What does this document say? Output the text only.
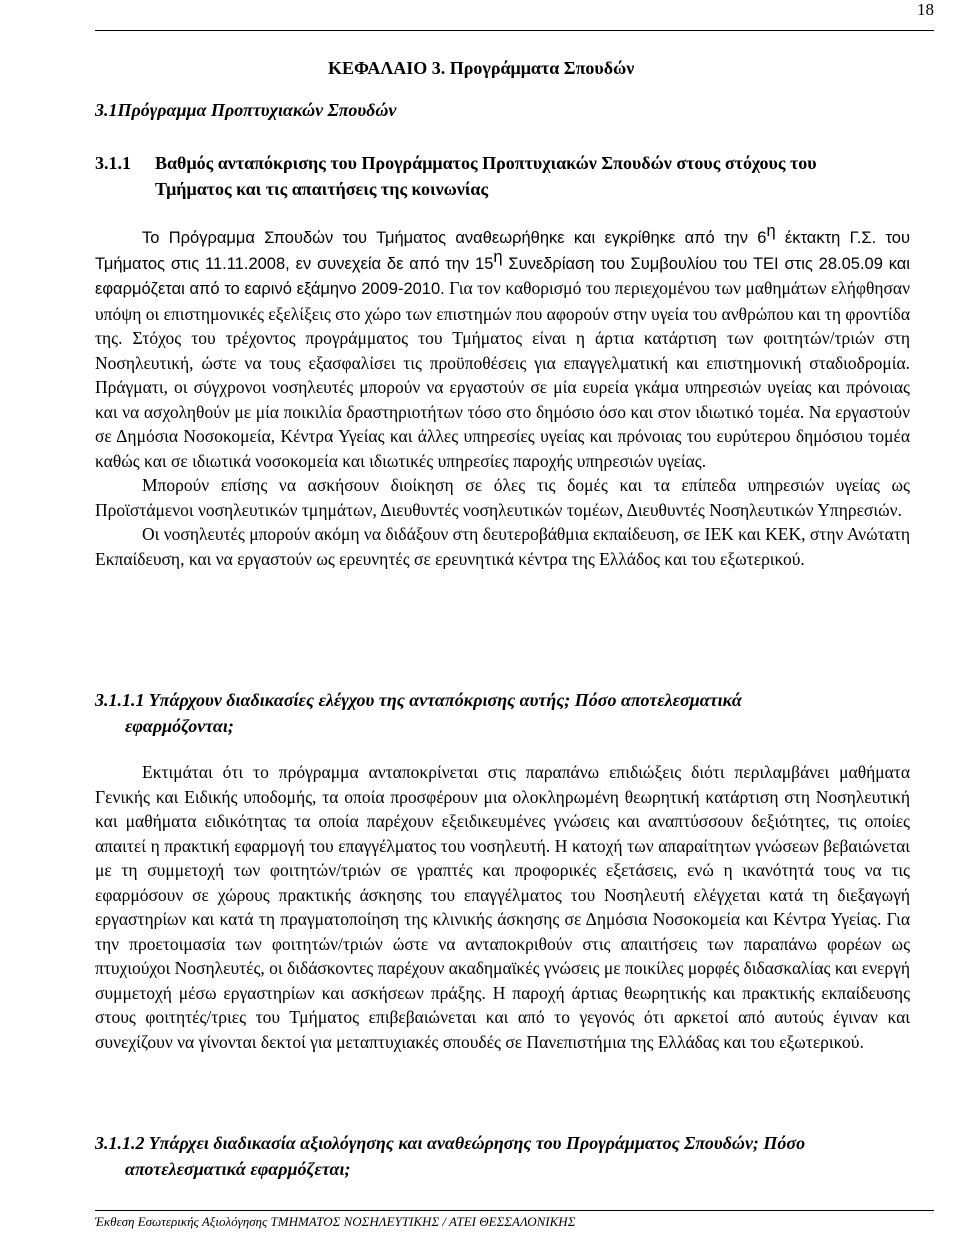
18
ΚΕΦΑΛΑΙΟ 3. Προγράμματα Σπουδών
3.1Πρόγραμμα Προπτυχιακών Σπουδών
3.1.1 Βαθμός ανταπόκρισης του Προγράμματος Προπτυχιακών Σπουδών στους στόχους του
Τμήματος και τις απαιτήσεις της κοινωνίας

Το Πρόγραμμα Σπουδών του Τμήματος αναθεωρήθηκε και εγκρίθηκε από την $6^\eta$ έκτακτη Γ.Σ. του Τμήματος στις 11.11.2008, εν συνεχεία δε από την $15^\eta$ Συνεδρίαση του Συμβουλίου του ΤΕΙ στις 28.05.09 και εφαρμόζεται από το εαρινό εξάμηνο 2009-2010. Για τον καθορισμό του περιεχομένου των μαθημάτων ελήφθησαν υπόψη οι επιστημονικές εξελίξεις στο χώρο των επιστημών που αφορούν στην υγεία του ανθρώπου και τη φροντίδα της. Στόχος του τρέχοντος προγράμματος του Τμήματος είναι η άρτια κατάρτιση των φοιτητών/τριών στη Νοσηλευτική, ώστε να τους εξασφαλίσει τις προϋποθέσεις για επαγγελματική και επιστημονική σταδιοδρομία. Πράγματι, οι σύγχρονοι νοσηλευτές μπορούν να εργαστούν σε μία ευρεία γκάμα υπηρεσιών υγείας και πρόνοιας και να ασχοληθούν με μία ποικιλία δραστηριοτήτων τόσο στο δημόσιο όσο και στον ιδιωτικό τομέα. Να εργαστούν σε Δημόσια Νοσοκομεία, Κέντρα Υγείας και άλλες υπηρεσίες υγείας και πρόνοιας του ευρύτερου δημόσιου τομέα καθώς και σε ιδιωτικά νοσοκομεία και ιδιωτικές υπηρεσίες παροχής υπηρεσιών υγείας.

Μπορούν επίσης να ασκήσουν διοίκηση σε όλες τις δομές και τα επίπεδα υπηρεσιών υγείας ως Προϊστάμενοι νοσηλευτικών τμημάτων, Διευθυντές νοσηλευτικών τομέων, Διευθυντές Νοσηλευτικών Υπηρεσιών.

Οι νοσηλευτές μπορούν ακόμη να διδάξουν στη δευτεροβάθμια εκπαίδευση, σε ΙΕΚ και ΚΕΚ, στην Ανώτατη Εκπαίδευση, και να εργαστούν ως ερευνητές σε ερευνητικά κέντρα της Ελλάδος και του εξωτερικού.

3.1.1.1 Υπάρχουν διαδικασίες ελέγχου της ανταπόκρισης αυτής; Πόσο αποτελεσματικά
εφαρμόζονται;

Εκτιμάται ότι το πρόγραμμα ανταποκρίνεται στις παραπάνω επιδιώξεις διότι περιλαμβάνει μαθήματα Γενικής και Ειδικής υποδομής, τα οποία προσφέρουν μια ολοκληρωμένη θεωρητική κατάρτιση στη Νοσηλευτική και μαθήματα ειδικότητας τα οποία παρέχουν εξειδικευμένες γνώσεις και αναπτύσσουν δεξιότητες, τις οποίες απαιτεί η πρακτική εφαρμογή του επαγγέλματος του νοσηλευτή. Η κατοχή των απαραίτητων γνώσεων βεβαιώνεται με τη συμμετοχή των φοιτητών/τριών σε γραπτές και προφορικές εξετάσεις, ενώ η ικανότητά τους να τις εφαρμόσουν σε χώρους πρακτικής άσκησης του επαγγέλματος του Νοσηλευτή ελέγχεται κατά τη διεξαγωγή εργαστηρίων και κατά τη πραγματοποίηση της κλινικής άσκησης σε Δημόσια Νοσοκομεία και Κέντρα Υγείας. Για την προετοιμασία των φοιτητών/τριών ώστε να ανταποκριθούν στις απαιτήσεις των παραπάνω φορέων ως πτυχιούχοι Νοσηλευτές, οι διδάσκοντες παρέχουν ακαδημαϊκές γνώσεις με ποικίλες μορφές διδασκαλίας και ενεργή συμμετοχή μέσω εργαστηρίων και ασκήσεων πράξης. Η παροχή άρτιας θεωρητικής και πρακτικής εκπαίδευσης στους φοιτητές/τριες του Τμήματος επιβεβαιώνεται και από το γεγονός ότι αρκετοί από αυτούς έγιναν και συνεχίζουν να γίνονται δεκτοί για μεταπτυχιακές σπουδές σε Πανεπιστήμια της Ελλάδας και του εξωτερικού.

3.1.1.2 Υπάρχει διαδικασία αξιολόγησης και αναθεώρησης του Προγράμματος Σπουδών; Πόσο
αποτελεσματικά εφαρμόζεται;
Έκθεση Εσωτερικής Αξιολόγησης ΤΜΗΜΑΤΟΣ ΝΟΣΗΛΕΥΤΙΚΗΣ / ΑΤΕΙ ΘΕΣΣΑΛΟΝΙΚΗΣ
